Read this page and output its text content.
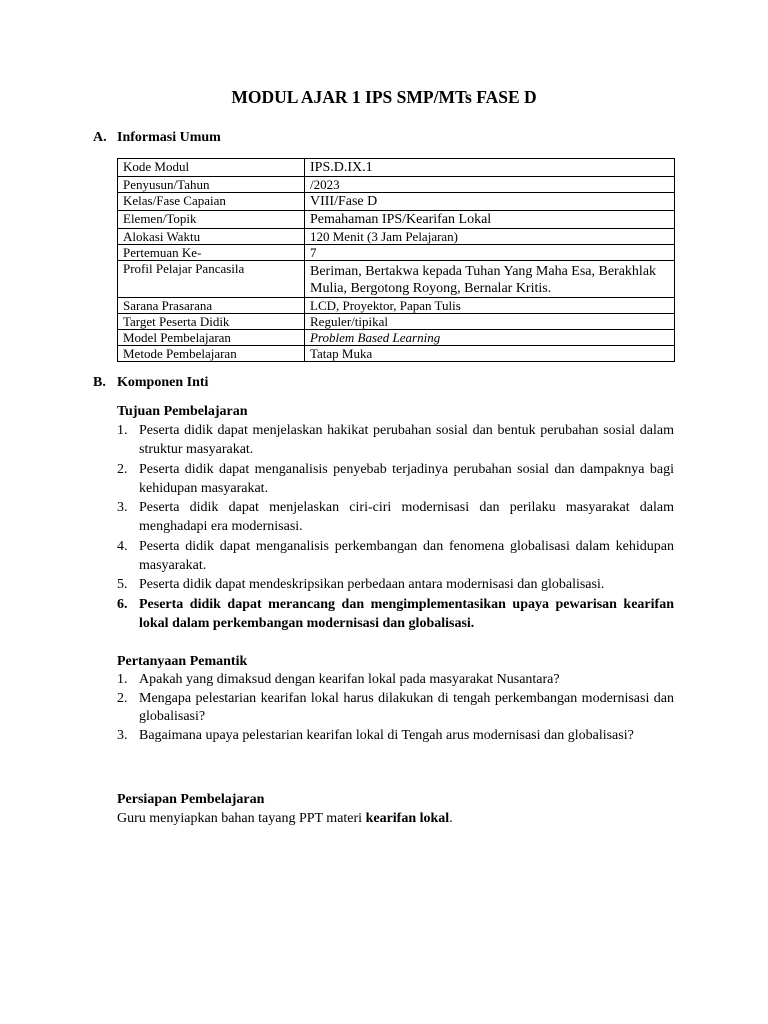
MODUL AJAR 1 IPS SMP/MTs FASE D
A. Informasi Umum
Kode Modul	IPS.D.IX.1
Penyusun/Tahun	/2023
Kelas/Fase Capaian	VIII/Fase D
Elemen/Topik	Pemahaman IPS/Kearifan Lokal
Alokasi Waktu	120 Menit (3 Jam Pelajaran)
Pertemuan Ke-	7
Profil Pelajar Pancasila	Beriman, Bertakwa kepada Tuhan Yang Maha Esa, Berakhlak Mulia, Bergotong Royong, Bernalar Kritis.
Sarana Prasarana	LCD, Proyektor, Papan Tulis
Target Peserta Didik	Reguler/tipikal
Model Pembelajaran	Problem Based Learning
Metode Pembelajaran	Tatap Muka
B. Komponen Inti
Tujuan Pembelajaran
1. Peserta didik dapat menjelaskan hakikat perubahan sosial dan bentuk perubahan sosial dalam struktur masyarakat.
2. Peserta didik dapat menganalisis penyebab terjadinya perubahan sosial dan dampaknya bagi kehidupan masyarakat.
3. Peserta didik dapat menjelaskan ciri-ciri modernisasi dan perilaku masyarakat dalam menghadapi era modernisasi.
4. Peserta didik dapat menganalisis perkembangan dan fenomena globalisasi dalam kehidupan masyarakat.
5. Peserta didik dapat mendeskripsikan perbedaan antara modernisasi dan globalisasi.
6. Peserta didik dapat merancang dan mengimplementasikan upaya pewarisan kearifan lokal dalam perkembangan modernisasi dan globalisasi.
Pertanyaan Pemantik
1. Apakah yang dimaksud dengan kearifan lokal pada masyarakat Nusantara?
2. Mengapa pelestarian kearifan lokal harus dilakukan di tengah perkembangan modernisasi dan globalisasi?
3. Bagaimana upaya pelestarian kearifan lokal di Tengah arus modernisasi dan globalisasi?
Persiapan Pembelajaran

Guru menyiapkan bahan tayang PPT materi kearifan lokal.
